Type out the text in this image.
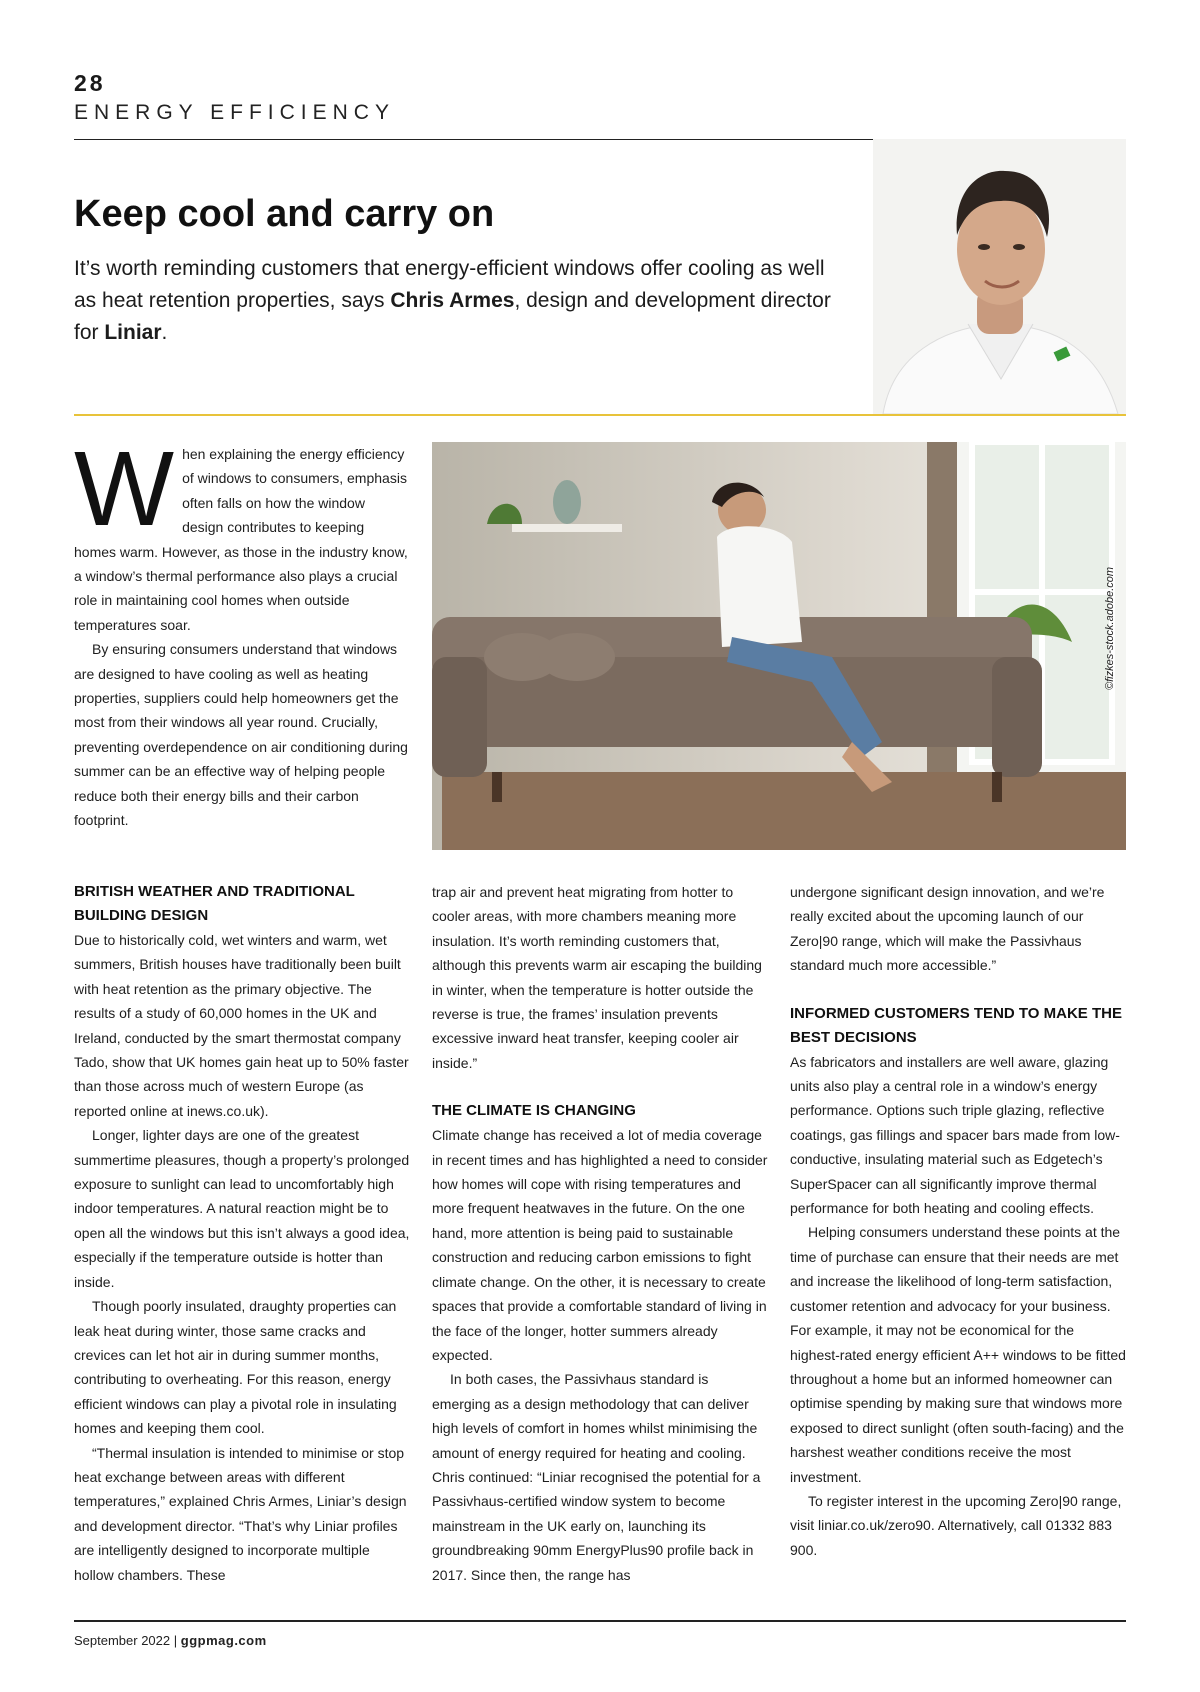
28
ENERGY EFFICIENCY
Keep cool and carry on
It’s worth reminding customers that energy-efficient windows offer cooling as well as heat retention properties, says Chris Armes, design and development director for Liniar.
W hen explaining the energy efficiency of windows to consumers, emphasis often falls on how the window design contributes to keeping homes warm. However, as those in the industry know, a window’s thermal performance also plays a crucial role in maintaining cool homes when outside temperatures soar.

By ensuring consumers understand that windows are designed to have cooling as well as heating properties, suppliers could help homeowners get the most from their windows all year round. Crucially, preventing overdependence on air conditioning during summer can be an effective way of helping people reduce both their energy bills and their carbon footprint.

©fizkes-stock.adobe.com
BRITISH WEATHER AND TRADITIONAL BUILDING DESIGN

Due to historically cold, wet winters and warm, wet summers, British houses have traditionally been built with heat retention as the primary objective. The results of a study of 60,000 homes in the UK and Ireland, conducted by the smart thermostat company Tado, show that UK homes gain heat up to 50% faster than those across much of western Europe (as reported online at inews.co.uk).

Longer, lighter days are one of the greatest summertime pleasures, though a property’s prolonged exposure to sunlight can lead to uncomfortably high indoor temperatures. A natural reaction might be to open all the windows but this isn’t always a good idea, especially if the temperature outside is hotter than inside.

Though poorly insulated, draughty properties can leak heat during winter, those same cracks and crevices can let hot air in during summer months, contributing to overheating. For this reason, energy efficient windows can play a pivotal role in insulating homes and keeping them cool.

“Thermal insulation is intended to minimise or stop heat exchange between areas with different temperatures,” explained Chris Armes, Liniar’s design and development director. “That’s why Liniar profiles are intelligently designed to incorporate multiple hollow chambers. These

trap air and prevent heat migrating from hotter to cooler areas, with more chambers meaning more insulation. It’s worth reminding customers that, although this prevents warm air escaping the building in winter, when the temperature is hotter outside the reverse is true, the frames’ insulation prevents excessive inward heat transfer, keeping cooler air inside.”

THE CLIMATE IS CHANGING

Climate change has received a lot of media coverage in recent times and has highlighted a need to consider how homes will cope with rising temperatures and more frequent heatwaves in the future. On the one hand, more attention is being paid to sustainable construction and reducing carbon emissions to fight climate change. On the other, it is necessary to create spaces that provide a comfortable standard of living in the face of the longer, hotter summers already expected.

In both cases, the Passivhaus standard is emerging as a design methodology that can deliver high levels of comfort in homes whilst minimising the amount of energy required for heating and cooling. Chris continued: “Liniar recognised the potential for a Passivhaus-certified window system to become mainstream in the UK early on, launching its groundbreaking 90mm EnergyPlus90 profile back in 2017. Since then, the range has

undergone significant design innovation, and we’re really excited about the upcoming launch of our Zero|90 range, which will make the Passivhaus standard much more accessible.”

INFORMED CUSTOMERS TEND TO MAKE THE BEST DECISIONS

As fabricators and installers are well aware, glazing units also play a central role in a window’s energy performance. Options such triple glazing, reflective coatings, gas fillings and spacer bars made from low-conductive, insulating material such as Edgetech’s SuperSpacer can all significantly improve thermal performance for both heating and cooling effects.

Helping consumers understand these points at the time of purchase can ensure that their needs are met and increase the likelihood of long-term satisfaction, customer retention and advocacy for your business. For example, it may not be economical for the highest-rated energy efficient A++ windows to be fitted throughout a home but an informed homeowner can optimise spending by making sure that windows more exposed to direct sunlight (often south-facing) and the harshest weather conditions receive the most investment.

To register interest in the upcoming Zero|90 range, visit liniar.co.uk/zero90. Alternatively, call 01332 883 900.

September 2022 | ggpmag.com
